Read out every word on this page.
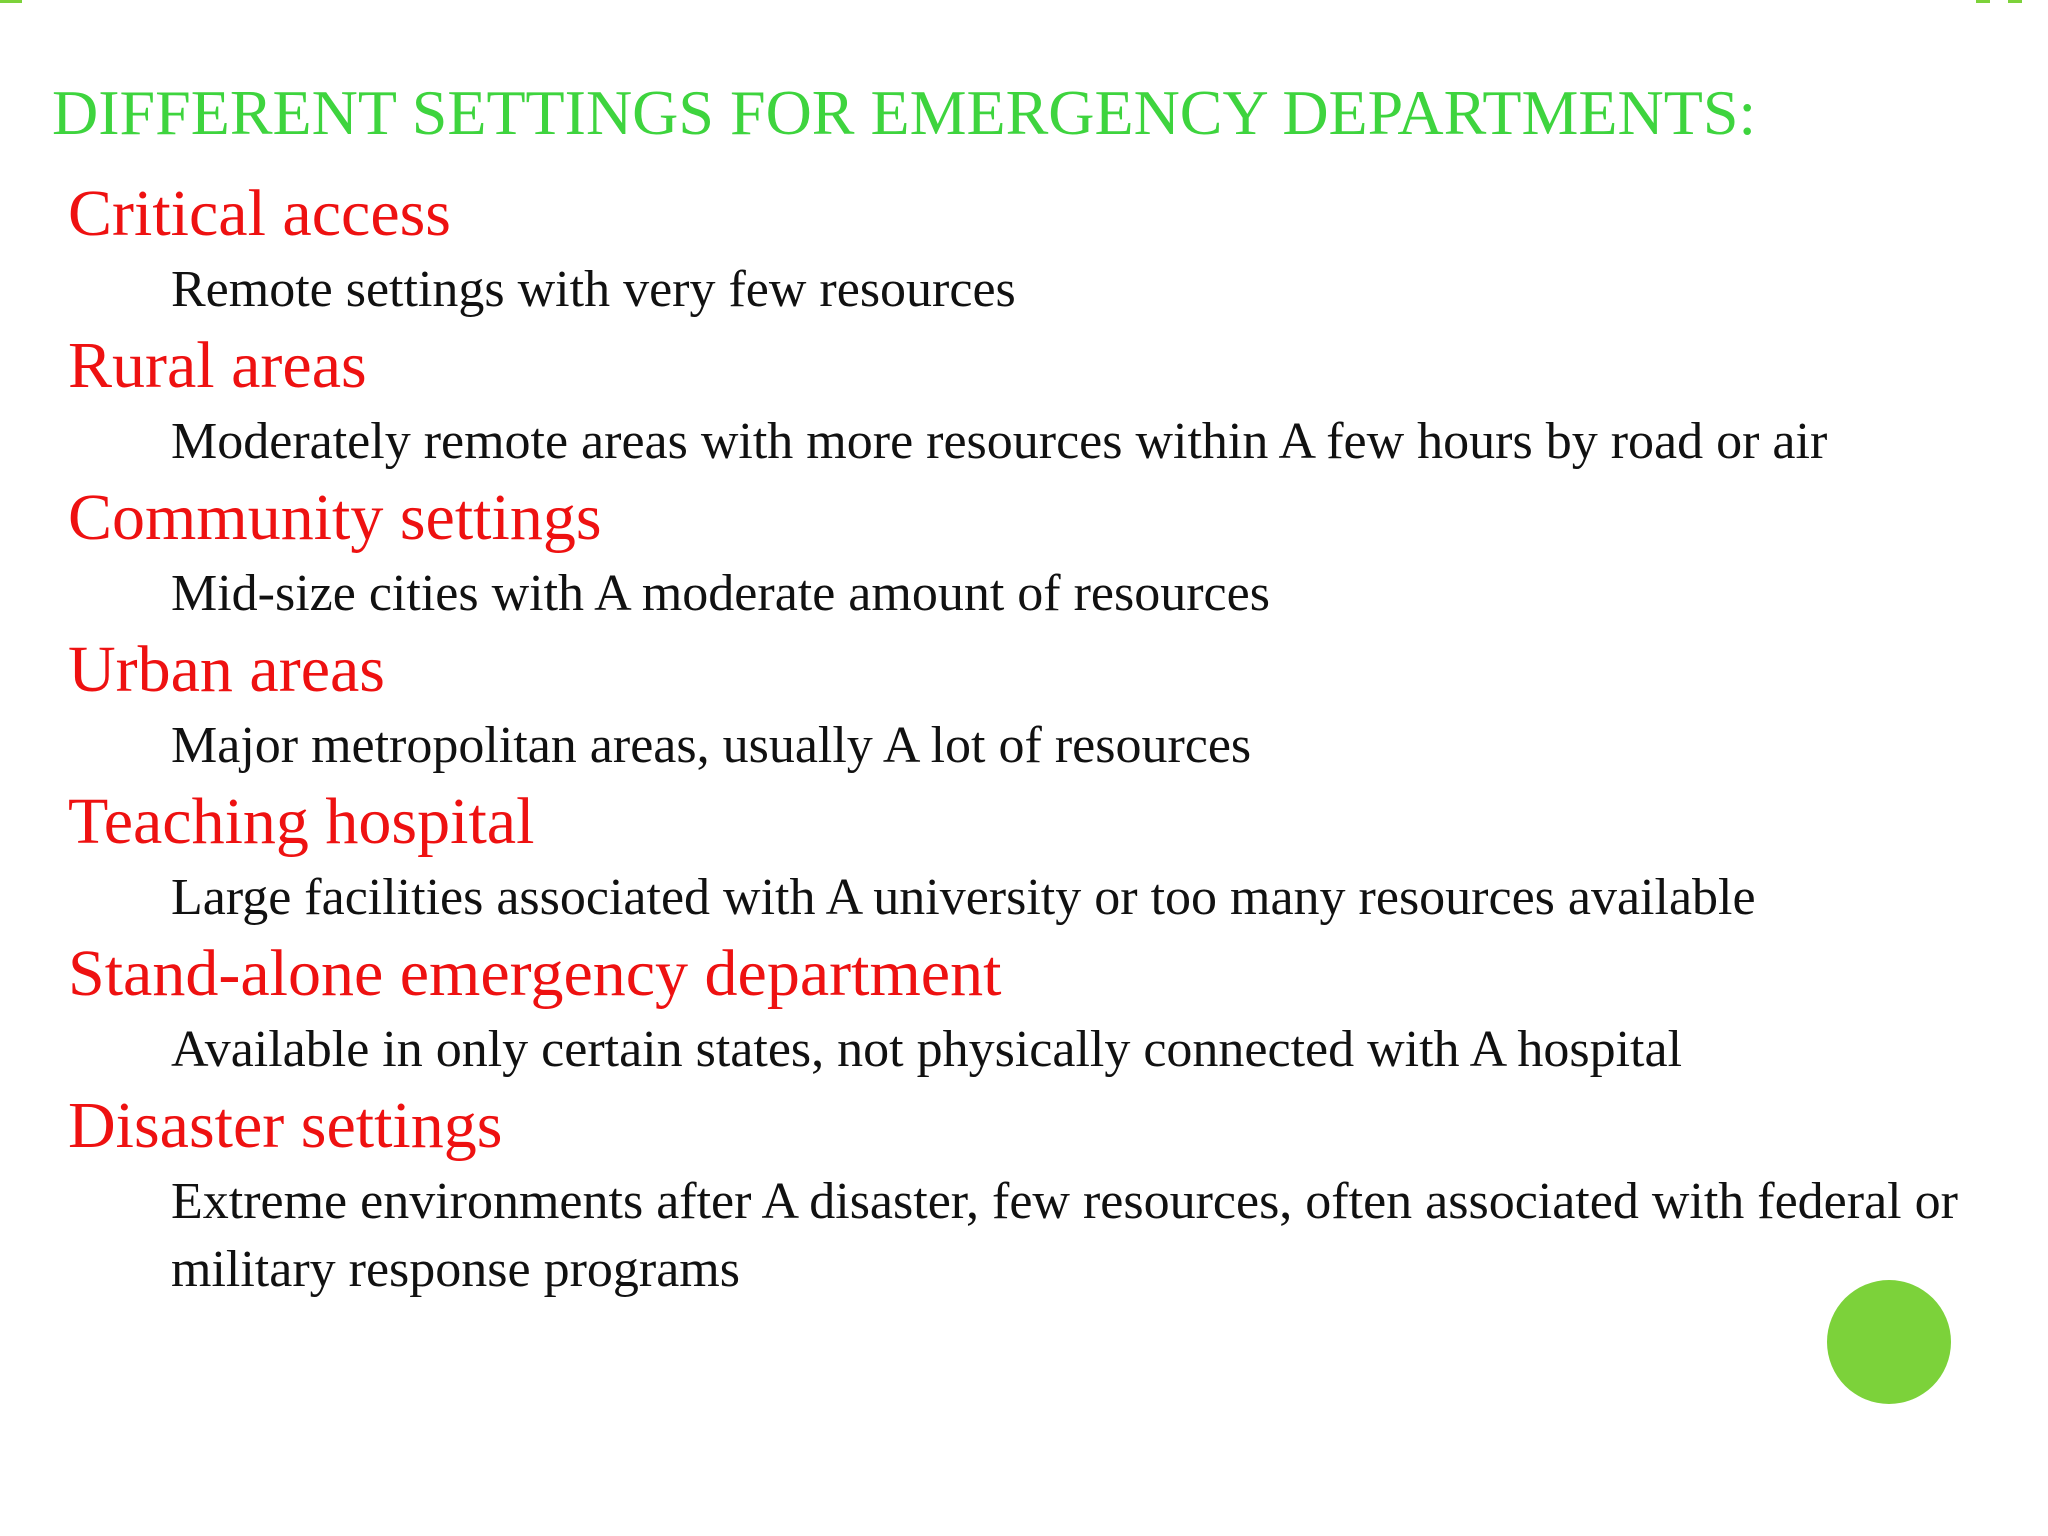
DIFFERENT SETTINGS FOR EMERGENCY DEPARTMENTS:
Critical access
Remote settings with very few resources
Rural areas
Moderately remote areas with more resources within A few hours by road or air
Community settings
Mid-size cities with A moderate amount of resources
Urban areas
Major metropolitan areas, usually A lot of resources
Teaching hospital
Large facilities associated with A university or too many resources available
Stand-alone emergency department
Available in only certain states, not physically connected with A hospital
Disaster settings
Extreme environments after A disaster, few resources, often associated with federal or military response programs
